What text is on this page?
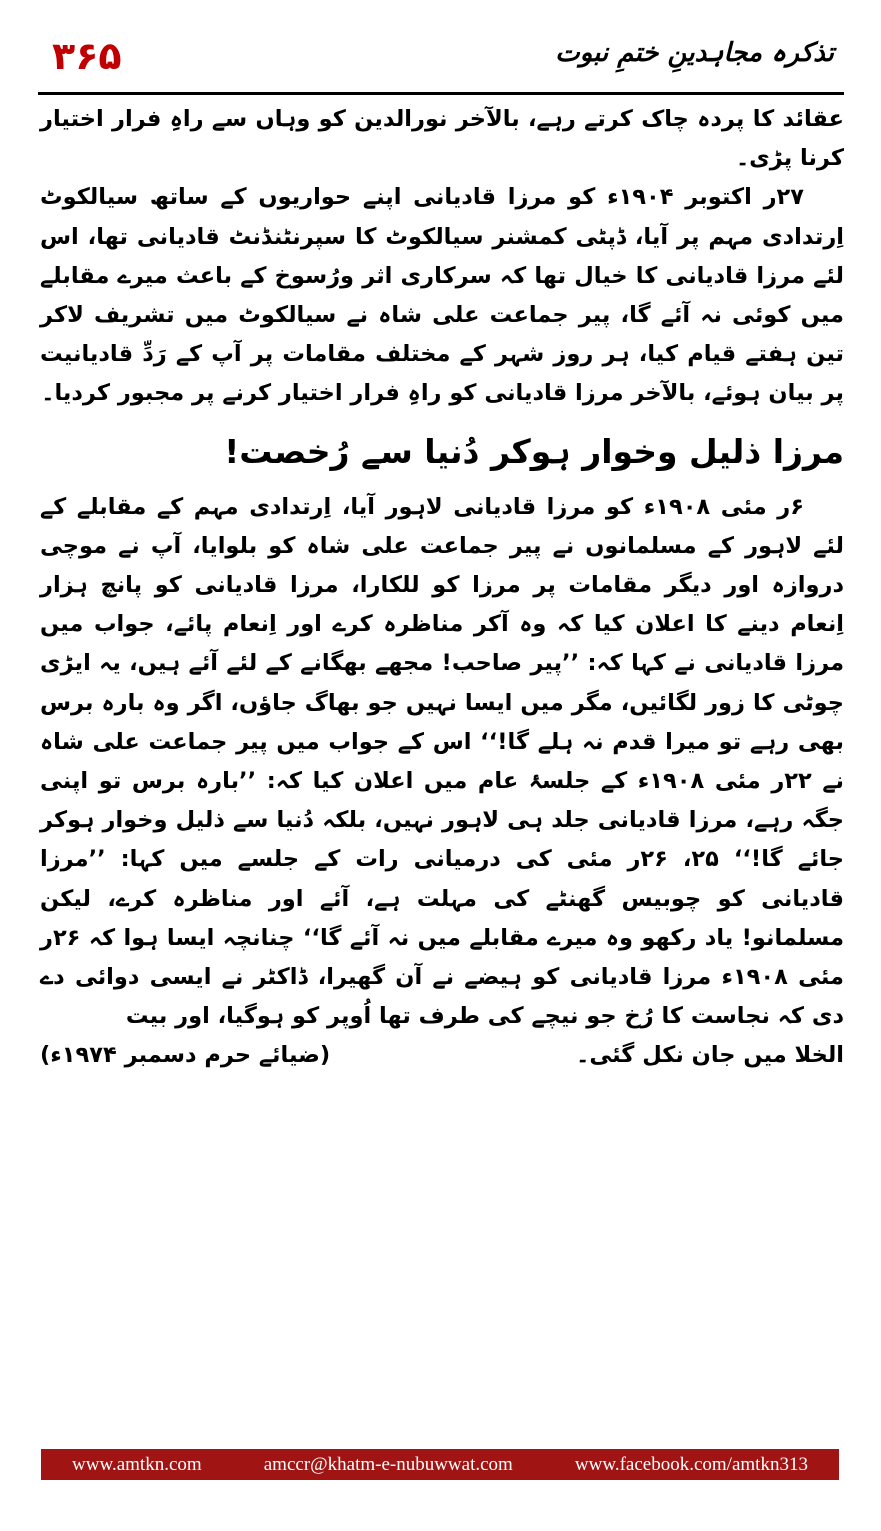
۳۶۵	تذکرہ مجاہدینِ ختمِ نبوت

عقائد کا پردہ چاک کرتے رہے، بالآخر نورالدین کو وہاں سے راہِ فرار اختیار کرنا پڑی۔

۲۷ر اکتوبر ۱۹۰۴ء کو مرزا قادیانی اپنے حواریوں کے ساتھ سیالکوٹ اِرتدادی مہم پر آیا، ڈپٹی کمشنر سیالکوٹ کا سپرنٹنڈنٹ قادیانی تھا، اس لئے مرزا قادیانی کا خیال تھا کہ سرکاری اثر ورُسوخ کے باعث میرے مقابلے میں کوئی نہ آئے گا، پیر جماعت علی شاہ نے سیالکوٹ میں تشریف لاکر تین ہفتے قیام کیا، ہر روز شہر کے مختلف مقامات پر آپ کے رَدِّ قادیانیت پر بیان ہوئے، بالآخر مرزا قادیانی کو راہِ فرار اختیار کرنے پر مجبور کردیا۔

مرزا ذلیل وخوار ہوکر دُنیا سے رُخصت!

۶ر مئی ۱۹۰۸ء کو مرزا قادیانی لاہور آیا، اِرتدادی مہم کے مقابلے کے لئے لاہور کے مسلمانوں نے پیر جماعت علی شاہ کو بلوایا، آپ نے موچی دروازہ اور دیگر مقامات پر مرزا کو للکارا، مرزا قادیانی کو پانچ ہزار اِنعام دینے کا اعلان کیا کہ وہ آکر مناظرہ کرے اور اِنعام پائے، جواب میں مرزا قادیانی نے کہا کہ: ’’پیر صاحب! مجھے بھگانے کے لئے آئے ہیں، یہ ایڑی چوٹی کا زور لگائیں، مگر میں ایسا نہیں جو بھاگ جاؤں، اگر وہ بارہ برس بھی رہے تو میرا قدم نہ ہلے گا!‘‘ اس کے جواب میں پیر جماعت علی شاہ نے ۲۲ر مئی ۱۹۰۸ء کے جلسۂ عام میں اعلان کیا کہ: ’’بارہ برس تو اپنی جگہ رہے، مرزا قادیانی جلد ہی لاہور نہیں، بلکہ دُنیا سے ذلیل وخوار ہوکر جائے گا!‘‘ ۲۵، ۲۶ر مئی کی درمیانی رات کے جلسے میں کہا: ’’مرزا قادیانی کو چوبیس گھنٹے کی مہلت ہے، آئے اور مناظرہ کرے، لیکن مسلمانو! یاد رکھو وہ میرے مقابلے میں نہ آئے گا‘‘ چنانچہ ایسا ہوا کہ ۲۶ر مئی ۱۹۰۸ء مرزا قادیانی کو ہیضے نے آن گھیرا، ڈاکٹر نے ایسی دوائی دے دی کہ نجاست کا رُخ جو نیچے کی طرف تھا اُوپر کو ہوگیا، اور بیت

الخلا میں جان نکل گئی۔
(ضیائے حرم دسمبر ۱۹۷۴ء)
www.amtkn.com	amccr@khatm-e-nubuwwat.com	www.facebook.com/amtkn313
